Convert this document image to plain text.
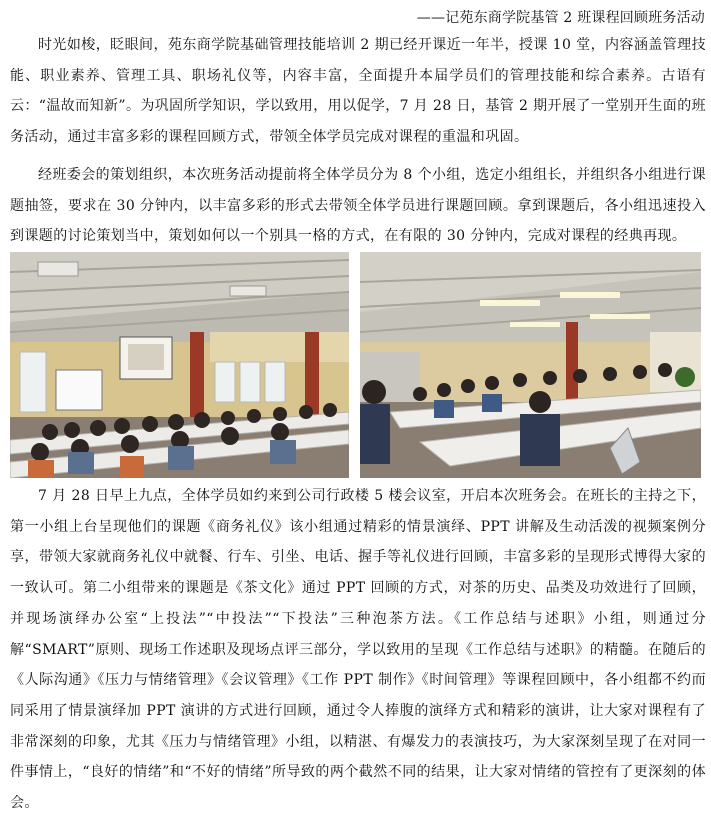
——记苑东商学院基管 2 班课程回顾班务活动

时光如梭，眨眼间，苑东商学院基础管理技能培训 2 期已经开课近一年半，授课 10 堂，内容涵盖管理技能、职业素养、管理工具、职场礼仪等，内容丰富，全面提升本届学员们的管理技能和综合素养。古语有云：“温故而知新”。为巩固所学知识，学以致用，用以促学，7 月 28 日，基管 2 期开展了一堂别开生面的班务活动，通过丰富多彩的课程回顾方式，带领全体学员完成对课程的重温和巩固。

经班委会的策划组织，本次班务活动提前将全体学员分为 8 个小组，选定小组组长，并组织各小组进行课题抽签，要求在 30 分钟内，以丰富多彩的形式去带领全体学员进行课题回顾。拿到课题后，各小组迅速投入到课题的讨论策划当中，策划如何以一个别具一格的方式，在有限的 30 分钟内，完成对课程的经典再现。

7 月 28 日早上九点，全体学员如约来到公司行政楼 5 楼会议室，开启本次班务会。在班长的主持之下，第一小组上台呈现他们的课题《商务礼仪》该小组通过精彩的情景演绎、PPT 讲解及生动活泼的视频案例分享，带领大家就商务礼仪中就餐、行车、引坐、电话、握手等礼仪进行回顾，丰富多彩的呈现形式博得大家的一致认可。第二小组带来的课题是《茶文化》通过 PPT 回顾的方式，对茶的历史、品类及功效进行了回顾，并现场演绎办公室“上投法”“中投法”“下投法”三种泡茶方法。《工作总结与述职》小组，则通过分解“SMART”原则、现场工作述职及现场点评三部分，学以致用的呈现《工作总结与述职》的精髓。在随后的《人际沟通》《压力与情绪管理》《会议管理》《工作 PPT 制作》《时间管理》等课程回顾中，各小组都不约而同采用了情景演绎加 PPT 演讲的方式进行回顾，通过令人捧腹的演绎方式和精彩的演讲，让大家对课程有了非常深刻的印象，尤其《压力与情绪管理》小组，以精湛、有爆发力的表演技巧，为大家深刻呈现了在对同一件事情上，“良好的情绪”和“不好的情绪”所导致的两个截然不同的结果，让大家对情绪的管控有了更深刻的体会。
